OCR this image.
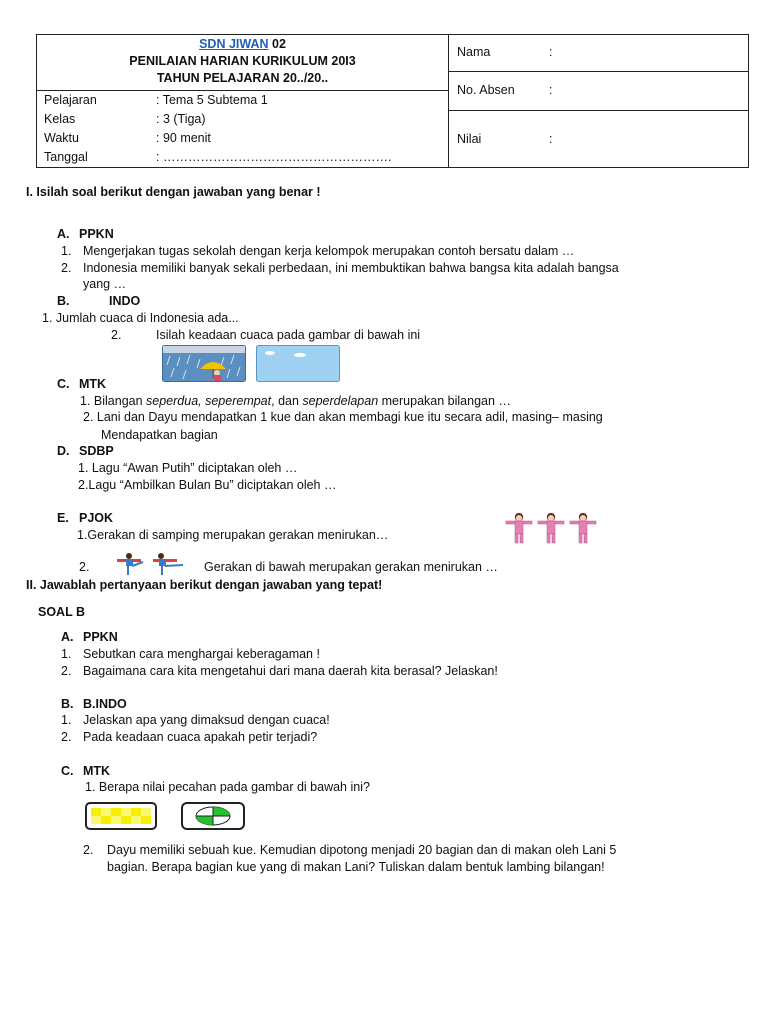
SDN JIWAN 02
PENILAIAN HARIAN KURIKULUM 20I3
TAHUN PELAJARAN 20../20..

Nama	:
No. Absen	:
Nilai	:

Pelajaran	: Tema 5 Subtema 1
Kelas	: 3 (Tiga)
Waktu	: 90 menit
Tanggal	: ……………………………………………….
I. Isilah soal berikut dengan jawaban yang benar !
A. PPKN
1. Mengerjakan tugas sekolah dengan kerja kelompok merupakan contoh bersatu dalam …
2. Indonesia memiliki banyak sekali perbedaan, ini membuktikan bahwa bangsa kita adalah bangsa
yang …
B.	INDO
1. Jumlah cuaca di Indonesia ada...
2.	Isilah keadaan cuaca pada gambar di bawah ini
C. MTK
1. Bilangan seperdua, seperempat, dan seperdelapan merupakan bilangan …
2. Lani dan Dayu mendapatkan 1 kue dan akan membagi kue itu secara adil, masing– masing
Mendapatkan bagian
D. SDBP
1. Lagu “Awan Putih” diciptakan oleh …
2.Lagu “Ambilkan Bulan Bu” diciptakan oleh …
E. PJOK
1.Gerakan di samping merupakan gerakan menirukan…
2.	Gerakan di bawah merupakan gerakan menirukan …
II. Jawablah pertanyaan berikut dengan jawaban yang tepat!
SOAL B
A. PPKN
1. Sebutkan cara menghargai keberagaman !
2. Bagaimana cara kita mengetahui dari mana daerah kita berasal? Jelaskan!
B. B.INDO
1. Jelaskan apa yang dimaksud dengan cuaca!
2. Pada keadaan cuaca apakah petir terjadi?
C. MTK
1. Berapa nilai pecahan pada gambar di bawah ini?
2. Dayu memiliki sebuah kue. Kemudian dipotong menjadi 20 bagian dan di makan oleh Lani 5
bagian. Berapa bagian kue yang di makan Lani? Tuliskan dalam bentuk lambing bilangan!
